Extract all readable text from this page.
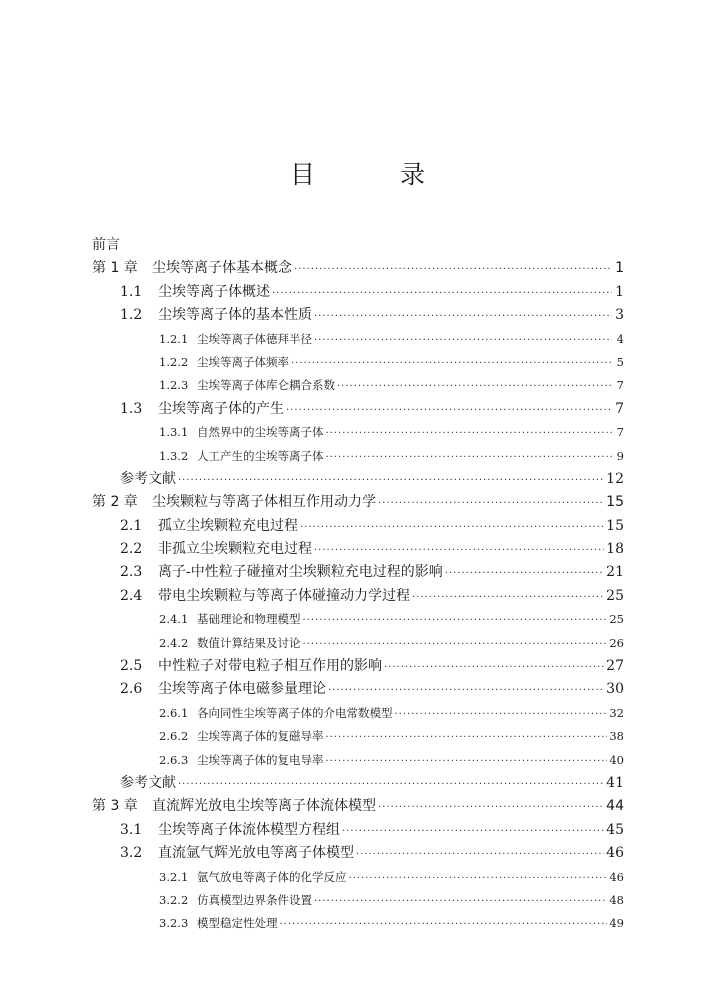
目　录
前言
第 1 章	尘埃等离子体基本概念 ·····	1
1.1	尘埃等离子体概述 ·····	1
1.2	尘埃等离子体的基本性质 ·····	3
1.2.1 尘埃等离子体德拜半径 ·····	4
1.2.2 尘埃等离子体频率 ·····	5
1.2.3 尘埃等离子体库仑耦合系数 ·····	7
1.3	尘埃等离子体的产生 ·····	7
1.3.1 自然界中的尘埃等离子体 ·····	7
1.3.2 人工产生的尘埃等离子体 ·····	9
参考文献 ·····	12
第 2 章	尘埃颗粒与等离子体相互作用动力学 ·····	15
2.1	孤立尘埃颗粒充电过程 ·····	15
2.2	非孤立尘埃颗粒充电过程 ·····	18
2.3	离子-中性粒子碰撞对尘埃颗粒充电过程的影响 ·····	21
2.4	带电尘埃颗粒与等离子体碰撞动力学过程 ·····	25
2.4.1 基础理论和物理模型 ·····	25
2.4.2 数值计算结果及讨论 ·····	26
2.5	中性粒子对带电粒子相互作用的影响 ·····	27
2.6	尘埃等离子体电磁参量理论 ·····	30
2.6.1 各向同性尘埃等离子体的介电常数模型 ·····	32
2.6.2 尘埃等离子体的复磁导率 ·····	38
2.6.3 尘埃等离子体的复电导率 ·····	40
参考文献 ·····	41
第 3 章	直流辉光放电尘埃等离子体流体模型 ·····	44
3.1	尘埃等离子体流体模型方程组 ·····	45
3.2	直流氩气辉光放电等离子体模型 ·····	46
3.2.1 氩气放电等离子体的化学反应 ·····	46
3.2.2 仿真模型边界条件设置 ·····	48
3.2.3 模型稳定性处理 ·····	49
